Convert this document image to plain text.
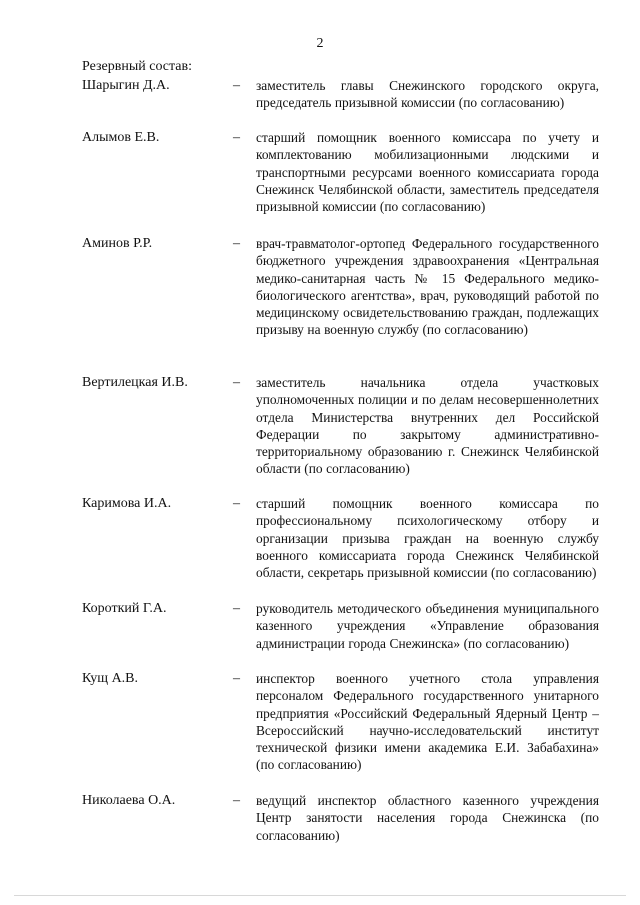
2
Резервный состав:
Шарыгин Д.А.	– заместитель главы Снежинского городского округа, председатель призывной комиссии (по согласованию)
Алымов Е.В.	– старший помощник военного комиссара по учету и комплектованию мобилизационными людскими и транспортными ресурсами военного комиссариата города Снежинск Челябинской области, заместитель председателя призывной комиссии (по согласованию)
Аминов Р.Р.	– врач-травматолог-ортопед Федерального государственного бюджетного учреждения здравоохранения «Центральная медико-санитарная часть № 15 Федерального медико-биологического агентства», врач, руководящий работой по медицинскому освидетельствованию граждан, подлежащих призыву на военную службу (по согласованию)
Вертилецкая И.В.	– заместитель начальника отдела участковых уполномоченных полиции и по делам несовершеннолетних отдела Министерства внутренних дел Российской Федерации по закрытому административно-территориальному образованию г. Снежинск Челябинской области (по согласованию)
Каримова И.А.	– старший помощник военного комиссара по профессиональному психологическому отбору и организации призыва граждан на военную службу военного комиссариата города Снежинск Челябинской области, секретарь призывной комиссии (по согласованию)
Короткий Г.А.	– руководитель методического объединения муниципального казенного учреждения «Управление образования администрации города Снежинска» (по согласованию)
Кущ А.В.	– инспектор военного учетного стола управления персоналом Федерального государственного унитарного предприятия «Российский Федеральный Ядерный Центр – Всероссийский научно-исследовательский институт технической физики имени академика Е.И. Забабахина» (по согласованию)
Николаева О.А.	– ведущий инспектор областного казенного учреждения Центр занятости населения города Снежинска (по согласованию)
